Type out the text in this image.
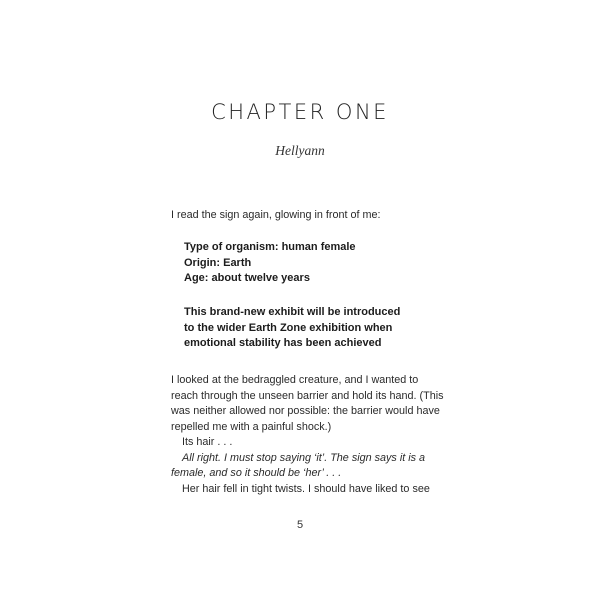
CHAPTER ONE
Hellyann
I read the sign again, glowing in front of me:
Type of organism: human female
Origin: Earth
Age: about twelve years
This brand-new exhibit will be introduced
to the wider Earth Zone exhibition when
emotional stability has been achieved
I looked at the bedraggled creature, and I wanted to
reach through the unseen barrier and hold its hand. (This
was neither allowed nor possible: the barrier would have
repelled me with a painful shock.)
Its hair . . .
All right. I must stop saying ‘it’. The sign says it is a
female, and so it should be ‘her’ . . .
Her hair fell in tight twists. I should have liked to see
5
